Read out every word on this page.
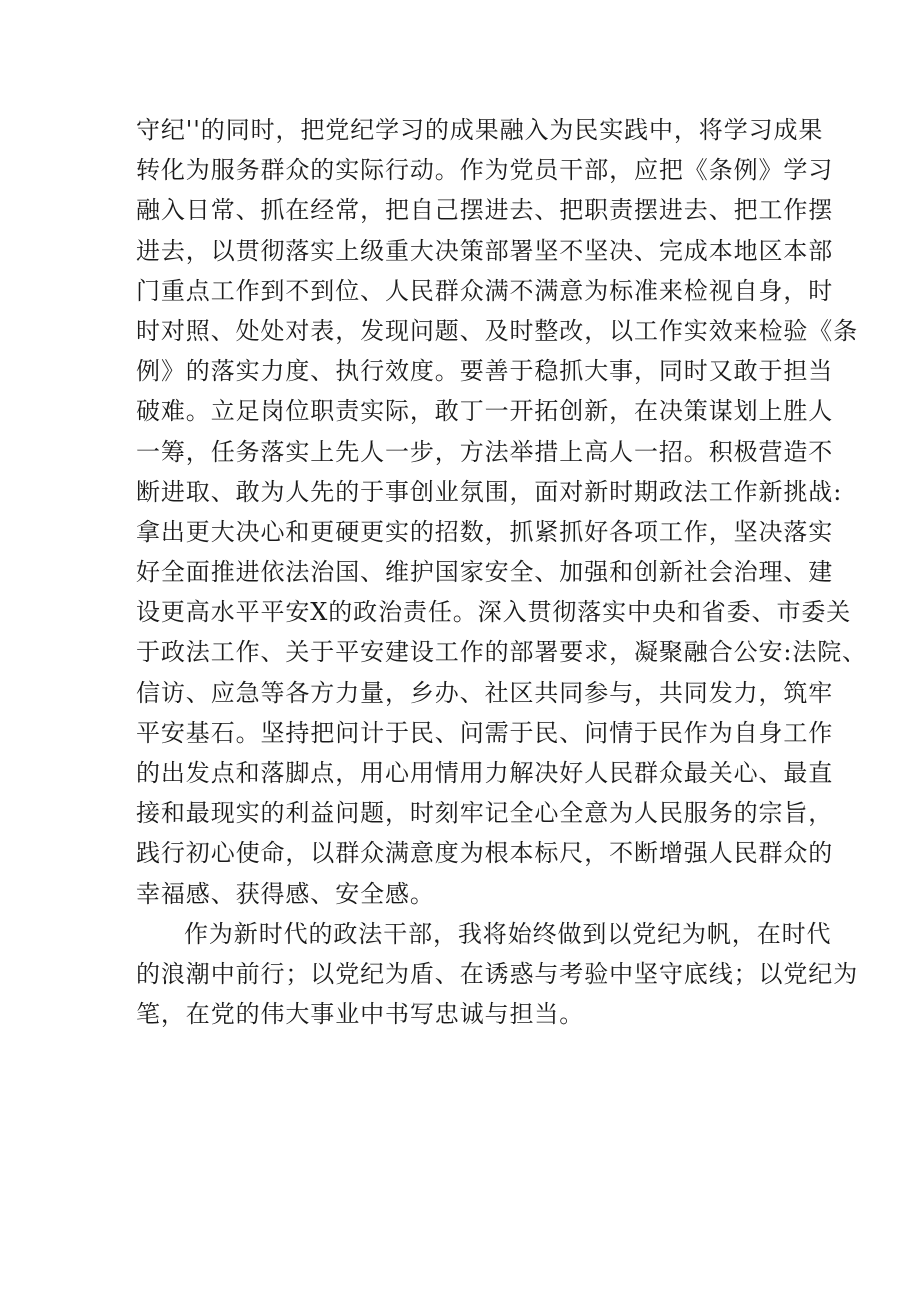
守纪''的同时，把党纪学习的成果融入为民实践中，将学习成果
转化为服务群众的实际行动。作为党员干部，应把《条例》学习
融入日常、抓在经常，把自己摆进去、把职责摆进去、把工作摆
进去，以贯彻落实上级重大决策部署坚不坚决、完成本地区本部
门重点工作到不到位、人民群众满不满意为标准来检视自身，时
时对照、处处对表，发现问题、及时整改，以工作实效来检验《条
例》的落实力度、执行效度。要善于稳抓大事，同时又敢于担当
破难。立足岗位职责实际，敢丁一开拓创新，在决策谋划上胜人
一筹，任务落实上先人一步，方法举措上高人一招。积极营造不
断进取、敢为人先的于事创业氛围，面对新时期政法工作新挑战:
拿出更大决心和更硬更实的招数，抓紧抓好各项工作，坚决落实
好全面推进依法治国、维护国家安全、加强和创新社会治理、建
设更高水平平安X的政治责任。深入贯彻落实中央和省委、市委关
于政法工作、关于平安建设工作的部署要求，凝聚融合公安:法院、
信访、应急等各方力量，乡办、社区共同参与，共同发力，筑牢
平安基石。坚持把问计于民、问需于民、问情于民作为自身工作
的出发点和落脚点，用心用情用力解决好人民群众最关心、最直
接和最现实的利益问题，时刻牢记全心全意为人民服务的宗旨，
践行初心使命，以群众满意度为根本标尺，不断增强人民群众的
幸福感、获得感、安全感。
作为新时代的政法干部，我将始终做到以党纪为帆，在时代
的浪潮中前行；以党纪为盾、在诱惑与考验中坚守底线；以党纪为
笔，在党的伟大事业中书写忠诚与担当。
